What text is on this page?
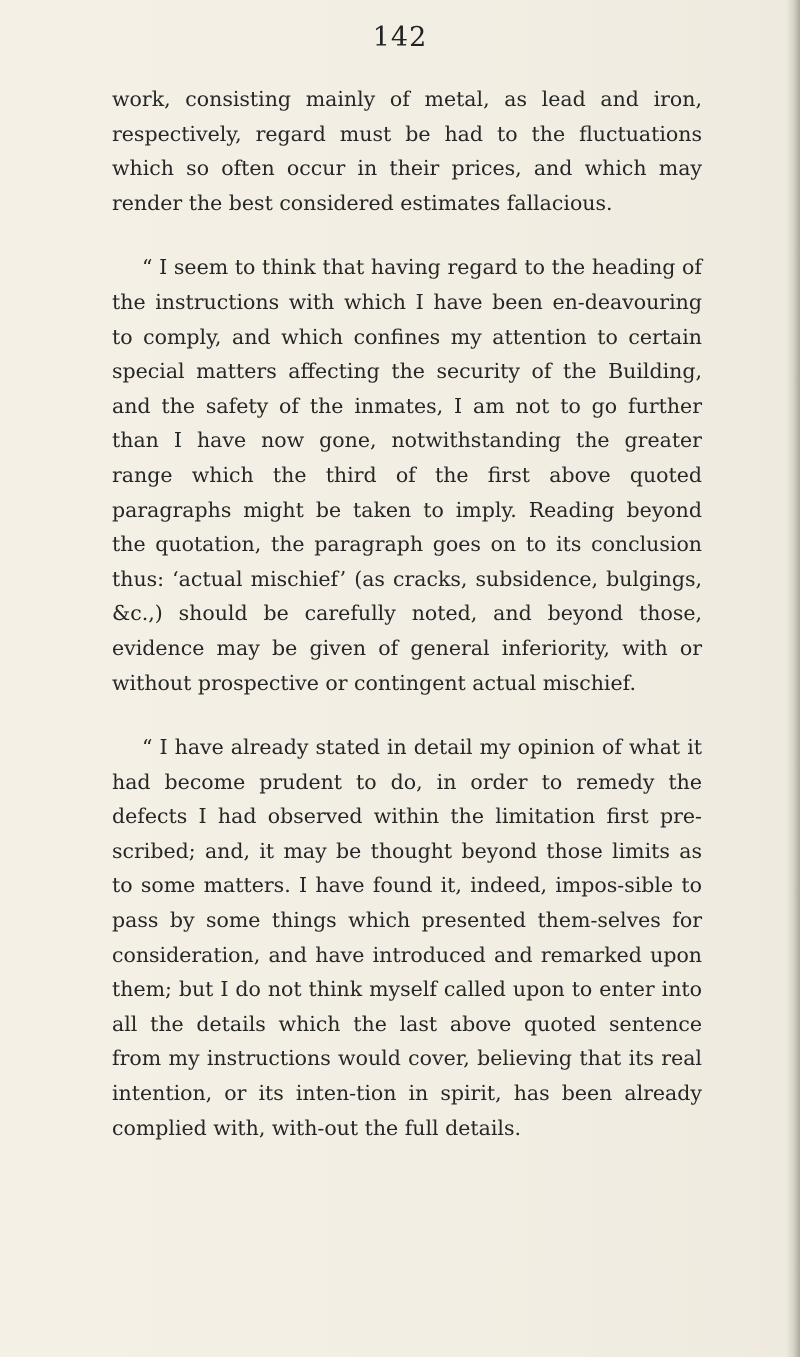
142

work, consisting mainly of metal, as lead and iron, respectively, regard must be had to the fluctuations which so often occur in their prices, and which may render the best considered estimates fallacious.

“ I seem to think that having regard to the heading of the instructions with which I have been en-deavouring to comply, and which confines my attention to certain special matters affecting the security of the Building, and the safety of the inmates, I am not to go further than I have now gone, notwithstanding the greater range which the third of the first above quoted paragraphs might be taken to imply. Reading beyond the quotation, the paragraph goes on to its conclusion thus: ‘actual mischief’ (as cracks, subsidence, bulgings, &c.,) should be carefully noted, and beyond those, evidence may be given of general inferiority, with or without prospective or contingent actual mischief.

“ I have already stated in detail my opinion of what it had become prudent to do, in order to remedy the defects I had observed within the limitation first pre-scribed; and, it may be thought beyond those limits as to some matters. I have found it, indeed, impos-sible to pass by some things which presented them-selves for consideration, and have introduced and remarked upon them; but I do not think myself called upon to enter into all the details which the last above quoted sentence from my instructions would cover, believing that its real intention, or its inten-tion in spirit, has been already complied with, with-out the full details.
